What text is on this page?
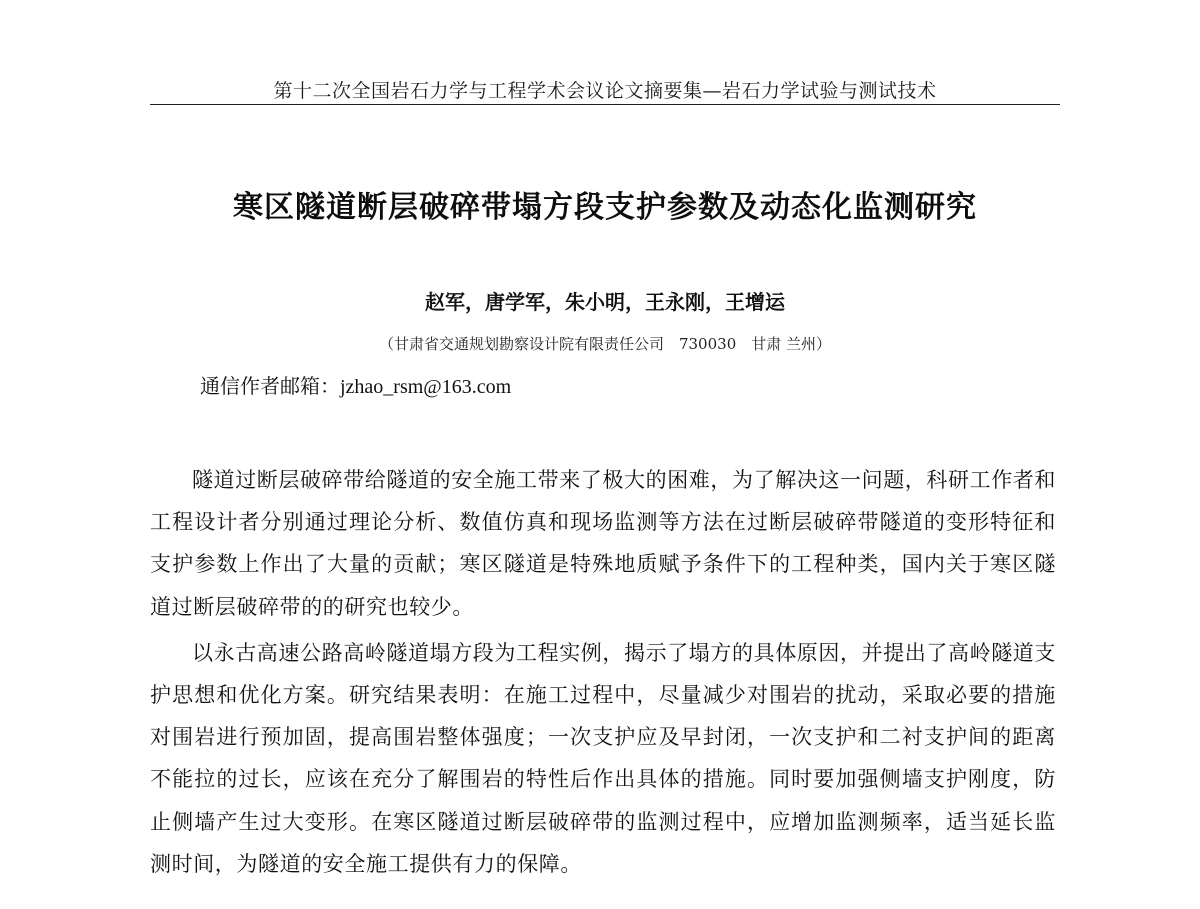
第十二次全国岩石力学与工程学术会议论文摘要集—岩石力学试验与测试技术
寒区隧道断层破碎带塌方段支护参数及动态化监测研究
赵军，唐学军，朱小明，王永刚，王增运
（甘肃省交通规划勘察设计院有限责任公司　730030　甘肃 兰州）
通信作者邮箱：jzhao_rsm@163.com

隧道过断层破碎带给隧道的安全施工带来了极大的困难，为了解决这一问题，科研工作者和工程设计者分别通过理论分析、数值仿真和现场监测等方法在过断层破碎带隧道的变形特征和支护参数上作出了大量的贡献；寒区隧道是特殊地质赋予条件下的工程种类，国内关于寒区隧道过断层破碎带的的研究也较少。

以永古高速公路高岭隧道塌方段为工程实例，揭示了塌方的具体原因，并提出了高岭隧道支护思想和优化方案。研究结果表明：在施工过程中，尽量减少对围岩的扰动，采取必要的措施对围岩进行预加固，提高围岩整体强度；一次支护应及早封闭，一次支护和二衬支护间的距离不能拉的过长，应该在充分了解围岩的特性后作出具体的措施。同时要加强侧墙支护刚度，防止侧墙产生过大变形。在寒区隧道过断层破碎带的监测过程中，应增加监测频率，适当延长监测时间，为隧道的安全施工提供有力的保障。
